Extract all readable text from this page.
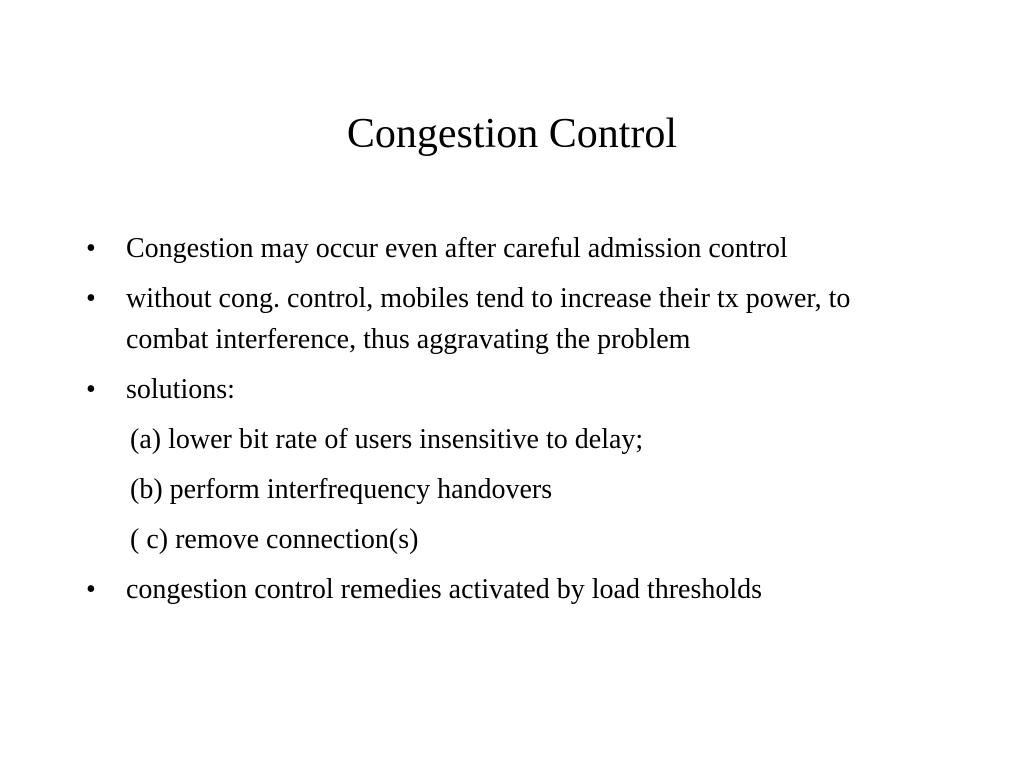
Congestion Control
• Congestion may occur even after careful admission control
• without cong. control, mobiles tend to increase their tx power, to combat interference, thus aggravating the problem
• solutions:
(a) lower bit rate of users insensitive to delay;
(b) perform interfrequency handovers
( c) remove connection(s)
• congestion control remedies activated by load thresholds
